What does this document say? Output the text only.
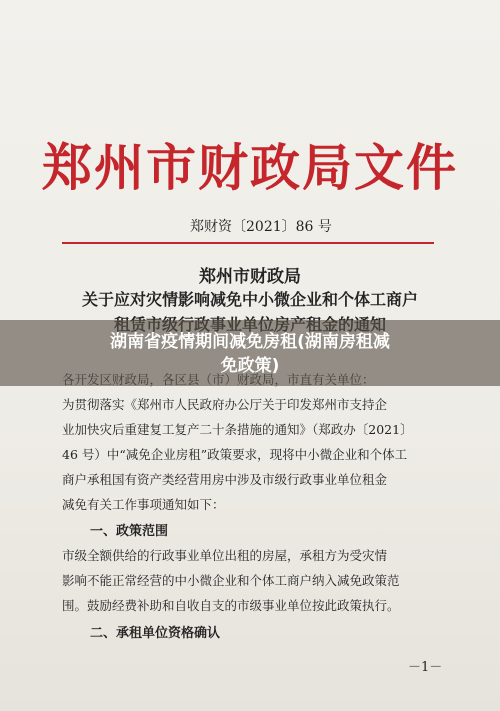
郑州市财政局文件
郑财资〔2021〕86 号
郑州市财政局
关于应对灾情影响减免中小微企业和个体工商户
为贯彻落实《郑州市人民政府办公厅关于印发郑州市支持企
业加快灾后重建复工复产二十条措施的通知》（郑政办〔2021〕
46 号）中“减免企业房租”政策要求，现将中小微企业和个体工
商户承租国有资产类经营用房中涉及市级行政事业单位租金
减免有关工作事项通知如下：
一、政策范围
市级全额供给的行政事业单位出租的房屋，承租方为受灾情
影响不能正常经营的中小微企业和个体工商户纳入减免政策范
围。鼓励经费补助和自收自支的市级事业单位按此政策执行。
二、承租单位资格确认
－1－
湖南省疫情期间减免房租(湖南房租减
免政策)
